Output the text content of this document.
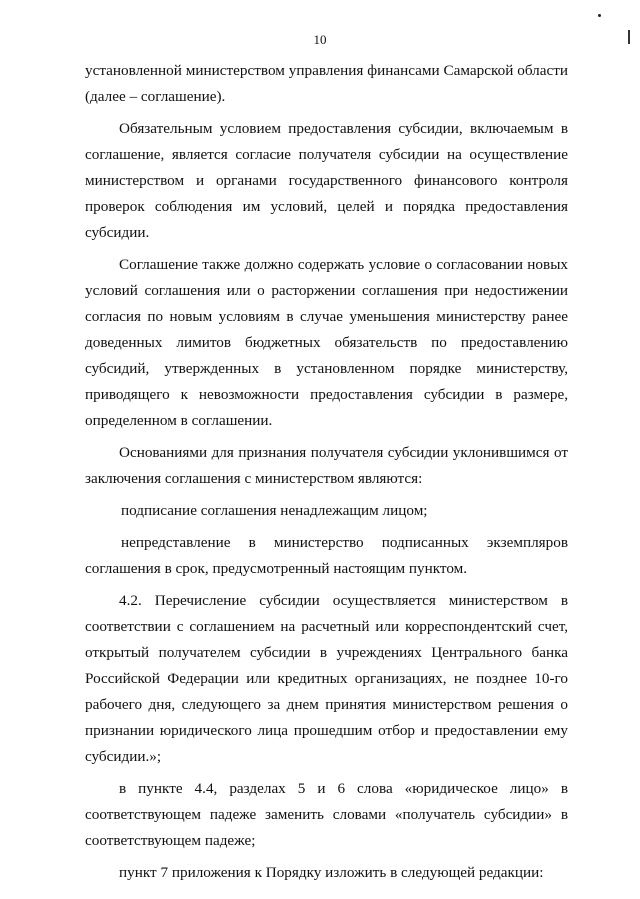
10

установленной министерством управления финансами Самарской области (далее – соглашение).

Обязательным условием предоставления субсидии, включаемым в соглашение, является согласие получателя субсидии на осуществление министерством и органами государственного финансового контроля проверок соблюдения им условий, целей и порядка предоставления субсидии.

Соглашение также должно содержать условие о согласовании новых условий соглашения или о расторжении соглашения при недостижении согласия по новым условиям в случае уменьшения министерству ранее доведенных лимитов бюджетных обязательств по предоставлению субсидий, утвержденных в установленном порядке министерству, приводящего к невозможности предоставления субсидии в размере, определенном в соглашении.

Основаниями для признания получателя субсидии уклонившимся от заключения соглашения с министерством являются:

подписание соглашения ненадлежащим лицом;

непредставление в министерство подписанных экземпляров соглашения в срок, предусмотренный настоящим пунктом.

4.2. Перечисление субсидии осуществляется министерством в соответствии с соглашением на расчетный или корреспондентский счет, открытый получателем субсидии в учреждениях Центрального банка Российской Федерации или кредитных организациях, не позднее 10-го рабочего дня, следующего за днем принятия министерством решения о признании юридического лица прошедшим отбор и предоставлении ему субсидии.»;

в пункте 4.4, разделах 5 и 6 слова «юридическое лицо» в соответствующем падеже заменить словами «получатель субсидии» в соответствующем падеже;

пункт 7 приложения к Порядку изложить в следующей редакции:
